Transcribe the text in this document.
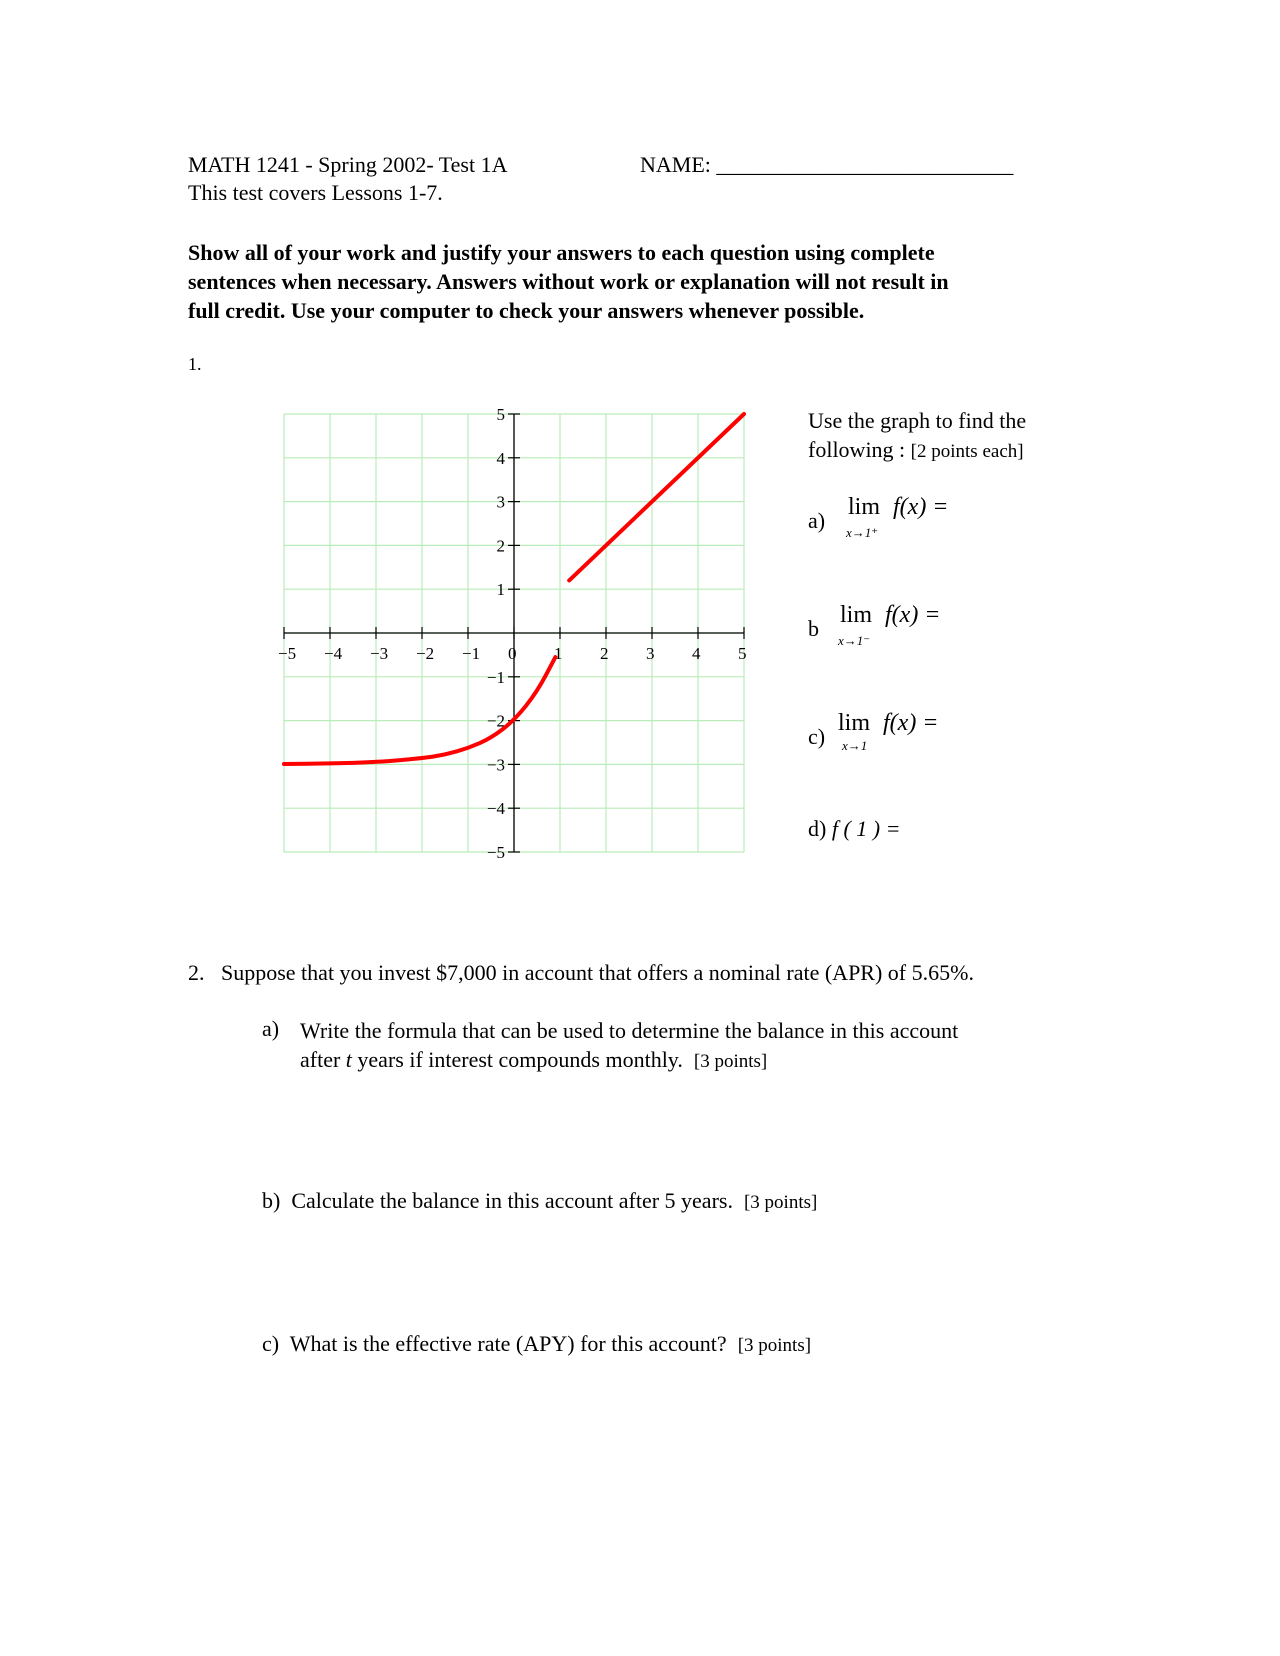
MATH 1241 - Spring 2002- Test 1A	NAME: ___________________________
This test covers Lessons 1-7.
Show all of your work and justify your answers to each question using complete
sentences when necessary. Answers without work or explanation will not result in
full credit. Use your computer to check your answers whenever possible.
1.
−5 −4 −3 −2 −1 0 1 2 3 4 5
−5
−4
−3
−2
−1
1
2
3
4
5	Use the graph to find the
following : [2 points each]
a)
lim
x→1⁺
f(x) =
b
lim
x→1⁻
f(x) =
c)
lim
x→1
f(x) =
d) f ( 1 ) =
2. Suppose that you invest $7,000 in account that offers a nominal rate (APR) of 5.65%.
a) Write the formula that can be used to determine the balance in this account
after t years if interest compounds monthly. [3 points]
b) Calculate the balance in this account after 5 years. [3 points]
c) What is the effective rate (APY) for this account? [3 points]
